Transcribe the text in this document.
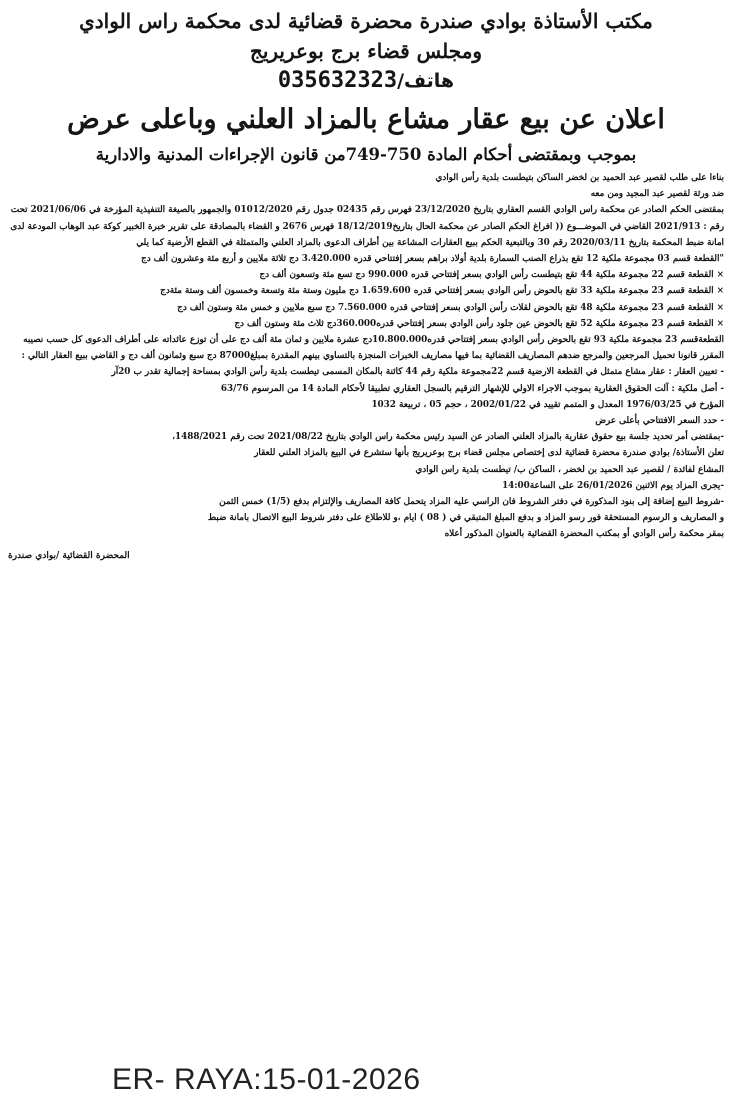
مكتب الأستاذة بوادي صندرة محضرة قضائية لدى محكمة راس الوادي
ومجلس قضاء برج بوعريريج
هاتف/035632323
اعلان عن بيع عقار مشاع بالمزاد العلني وباعلى عرض
بموجب وبمقتضى أحكام المادة 750-749من قانون الإجراءات المدنية والادارية

بناءا على طلب لقصير عبد الحميد بن لخضر الساكن بتيطست بلدية رأس الوادي

ضد ورثة لقصير عبد المجيد ومن معه

بمقتضى الحكم الصادر عن محكمة راس الوادي القسم العقاري بتاريخ 23/12/2020 فهرس رقم 02435 جدول رقم 01012/2020 والجمهور بالصيغة التنفيذية المؤرخة في 2021/06/06 تحت رقم : 2021/913 القاضي في الموضـــوع (( افراغ الحكم الصادر عن محكمة الحال بتاريخ18/12/2019 فهرس 2676 و القضاء بالمصادقة على تقرير خبرة الخبير كوكة عبد الوهاب المودعة لدى امانة ضبط المحكمة بتاريخ 2020/03/11 رقم 30 وبالتبعية الحكم ببيع العقارات المشاعة بين أطراف الدعوى بالمزاد العلني والمتمثلة في القطع الأرضية كما يلي

"القطعة قسم 03 مجموعة ملكية 12 تقع بذراع الصنب السمارة بلدية أولاد براهم بسعر إفتتاحي قدره 3.420.000 دج ثلاثة ملايين و أربع مئة وعشرون ألف دج

× القطعة قسم 22 مجموعة ملكية 44 تقع بتيطست رأس الوادي بسعر إفتتاحي قدره 990.000 دج تسع مئة وتسعون ألف دج

× القطعة قسم 23 مجموعة ملكية 33 تقع بالحوض رأس الوادي بسعر إفتتاحي قدره 1.659.600 دج مليون وستة مئة وتسعة وخمسون ألف وستة مئةدج

× القطعة قسم 23 مجموعة ملكية 48 تقع بالحوض لقلات رأس الوادي بسعر إفتتاحي قدره 7.560.000 دج سبع ملايين و خمس مئة وستون ألف دج

× القطعة قسم 23 مجموعة ملكية 52 تقع بالحوض عين جلود رأس الوادي بسعر إفتتاحي قدره360.000دج ثلاث مئة وستون ألف دج

القطعةقسم 23 مجموعة ملكية 93 تقع بالحوض رأس الوادي بسعر إفتتاحي قدره10.800.000دج عشرة ملايين و ثمان مئة ألف دج على أن توزع عائداته على أطراف الدعوى كل حسب نصيبه المقرر قانونا تحميل المرجعين والمرجع ضدهم المصاريف القضائية بما فيها مصاريف الخبرات المنجزة بالتساوي بينهم المقدرة بمبلغ87000 دج سبع وثمانون ألف دج و القاضي ببيع العقار التالي :

- تعيين العقار : عقار مشاع متمثل في القطعة الارضية قسم 22مجموعة ملكية رقم 44 كائنة بالمكان المسمى تيطست بلدية رأس الوادي بمساحة إجمالية تقدر ب 20آر

- أصل ملكية : آلت الحقوق العقارية بموجب الاجراء الاولي للإشهار الترقيم بالسجل العقاري تطبيقا لأحكام المادة 14 من المرسوم 63/76

المؤرخ في 1976/03/25 المعدل و المتمم تقييد في 2002/01/22 ، حجم 05 ، تربيعة 1032

- حدد السعر الافتتاحي بأعلى عرض

-بمقتضى أمر تحديد جلسة بيع حقوق عقارية بالمزاد العلني الصادر عن السيد رئيس محكمة راس الوادي بتاريخ 2021/08/22 تحت رقم 1488/2021،

تعلن الأستاذة/ بوادي صندرة محضرة قضائية لدى إختصاص مجلس قضاء برج بوعريريج بأنها ستشرع في البيع بالمزاد العلني للعقار

المشاع لفائدة / لقصير عبد الحميد بن لخضر ، الساكن ب/ تيطست بلدية راس الوادي

-يجرى المزاد يوم الاثنين 26/01/2026 على الساعة14:00

-شروط البيع إضافة إلى بنود المذكورة في دفتر الشروط فان الراسي عليه المزاد يتحمل كافة المصاريف والإلتزام بدفع (1/5) خمس الثمن

و المصاريف و الرسوم المستحقة فور رسو المزاد و بدفع المبلغ المتبقي في ( 08 ) ايام ،و للاطلاع على دفتر شروط البيع الاتصال بامانة ضبط

بمقر محكمة رأس الوادي أو بمكتب المحضرة القضائية بالعنوان المذكور أعلاه

المحضرة القضائية /بوادي صندرة
ER- RAYA:15-01-2026
